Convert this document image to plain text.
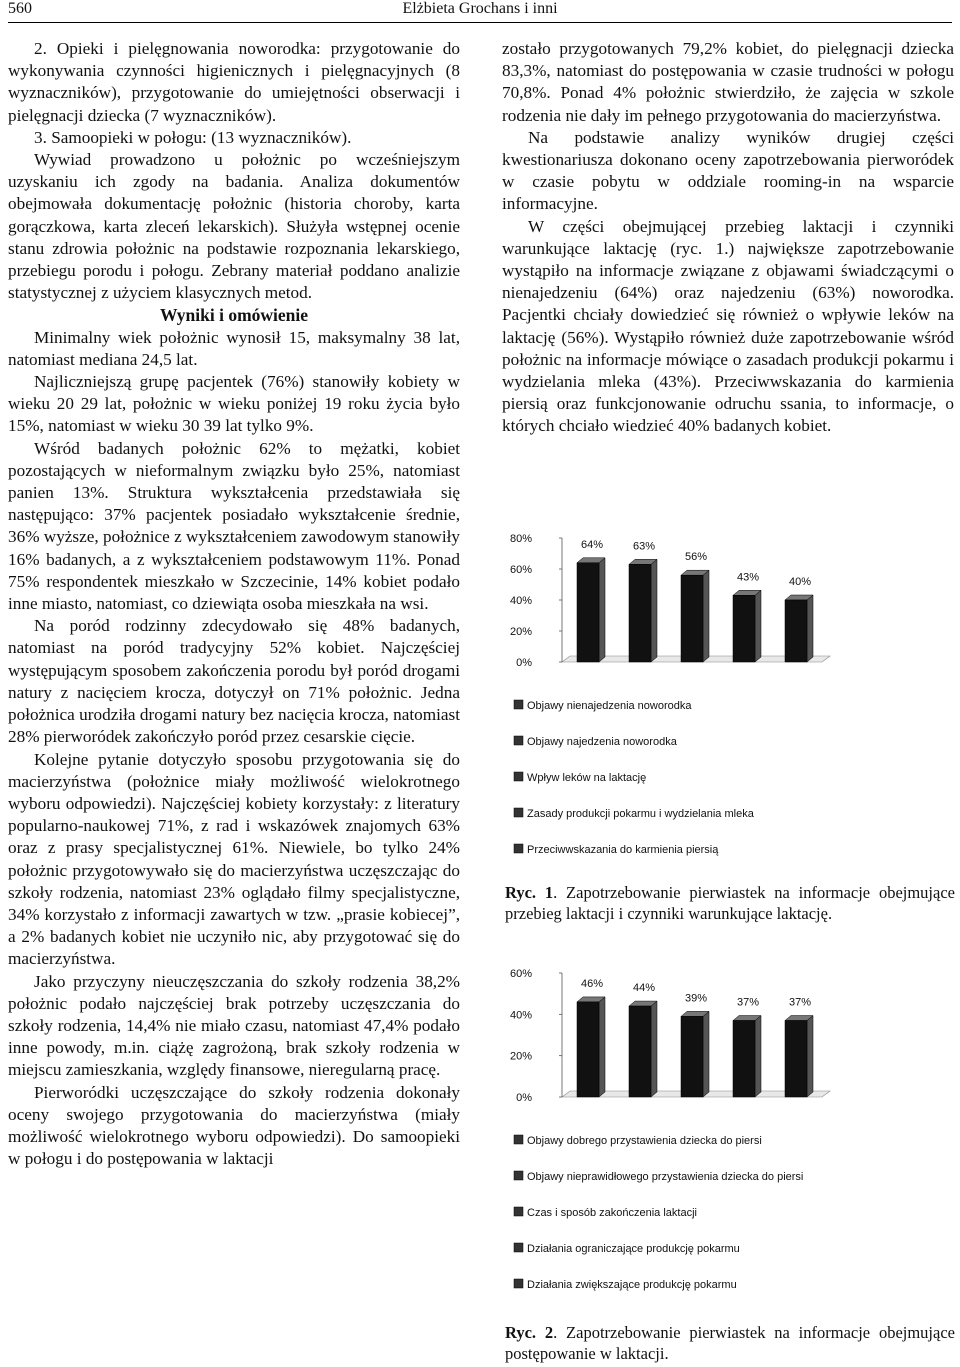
560	Elżbieta Grochans i inni

2. Opieki i pielęgnowania noworodka: przygotowanie do wykonywania czynności higienicznych i pielęgnacyjnych (8 wyznaczników), przygotowanie do umiejętności obserwacji i pielęgnacji dziecka (7 wyznaczników).

3. Samoopieki w połogu: (13 wyznaczników).

Wywiad prowadzono u położnic po wcześniejszym uzyskaniu ich zgody na badania. Analiza dokumentów obejmowała dokumentację położnic (historia choroby, karta gorączkowa, karta zleceń lekarskich). Służyła wstępnej ocenie stanu zdrowia położnic na podstawie rozpoznania lekarskiego, przebiegu porodu i połogu. Zebrany materiał poddano analizie statystycznej z użyciem klasycznych metod.

Wyniki i omówienie

Minimalny wiek położnic wynosił 15, maksymalny 38 lat, natomiast mediana 24,5 lat.

Najliczniejszą grupę pacjentek (76%) stanowiły kobiety w wieku 20 29 lat, położnic w wieku poniżej 19 roku życia było 15%, natomiast w wieku 30 39 lat tylko 9%.

Wśród badanych położnic 62% to mężatki, kobiet pozostających w nieformalnym związku było 25%, natomiast panien 13%. Struktura wykształcenia przedstawiała się następująco: 37% pacjentek posiadało wykształcenie średnie, 36% wyższe, położnice z wykształceniem zawodowym stanowiły 16% badanych, a z wykształceniem podstawowym 11%. Ponad 75% respondentek mieszkało w Szczecinie, 14% kobiet podało inne miasto, natomiast, co dziewiąta osoba mieszkała na wsi.

Na poród rodzinny zdecydowało się 48% badanych, natomiast na poród tradycyjny 52% kobiet. Najczęściej występującym sposobem zakończenia porodu był poród drogami natury z nacięciem krocza, dotyczył on 71% położnic. Jedna położnica urodziła drogami natury bez nacięcia krocza, natomiast 28% pierworódek zakończyło poród przez cesarskie cięcie.

Kolejne pytanie dotyczyło sposobu przygotowania się do macierzyństwa (położnice miały możliwość wielokrotnego wyboru odpowiedzi). Najczęściej kobiety korzystały: z literatury popularno-naukowej 71%, z rad i wskazówek znajomych 63% oraz z prasy specjalistycznej 61%. Niewiele, bo tylko 24% położnic przygotowywało się do macierzyństwa uczęszczając do szkoły rodzenia, natomiast 23% oglądało filmy specjalistyczne, 34% korzystało z informacji zawartych w tzw. „prasie kobiecej”, a 2% badanych kobiet nie uczyniło nic, aby przygotować się do macierzyństwa.

Jako przyczyny nieuczęszczania do szkoły rodzenia 38,2% położnic podało najczęściej brak potrzeby uczęszczania do szkoły rodzenia, 14,4% nie miało czasu, natomiast 47,4% podało inne powody, m.in. ciążę zagrożoną, brak szkoły rodzenia w miejscu zamieszkania, względy finansowe, nieregularną pracę.

Pierworódki uczęszczające do szkoły rodzenia dokonały oceny swojego przygotowania do macierzyństwa (miały możliwość wielokrotnego wyboru odpowiedzi). Do samoopieki w połogu i do postępowania w laktacji

zostało przygotowanych 79,2% kobiet, do pielęgnacji dziecka 83,3%, natomiast do postępowania w czasie trudności w połogu 70,8%. Ponad 4% położnic stwierdziło, że zajęcia w szkole rodzenia nie dały im pełnego przygotowania do macierzyństwa.

Na podstawie analizy wyników drugiej części kwestionariusza dokonano oceny zapotrzebowania pierworódek w czasie pobytu w oddziale rooming-in na wsparcie informacyjne.

W części obejmującej przebieg laktacji i czynniki warunkujące laktację (ryc. 1.) największe zapotrzebowanie wystąpiło na informacje związane z objawami świadczącymi o nienajedzeniu (64%) oraz najedzeniu (63%) noworodka. Pacjentki chciały dowiedzieć się również o wpływie leków na laktację (56%). Wystąpiło również duże zapotrzebowanie wśród położnic na informacje mówiące o zasadach produkcji pokarmu i wydzielania mleka (43%). Przeciwwskazania do karmienia piersią oraz funkcjonowanie odruchu ssania, to informacje, o których chciało wiedzieć 40% badanych kobiet.

0%
20%
40%
60%
80%	64%	63%
56%
43%	40%
Objawy nienajedzenia noworodka
Objawy najedzenia noworodka
Wpływ leków na laktację
Zasady produkcji pokarmu i wydzielania mleka
Przeciwwskazania do karmienia piersią
Ryc. 1. Zapotrzebowanie pierwiastek na informacje obejmujące przebieg laktacji i czynniki warunkujące laktację.
0%
20%
40%
60%
46%	44%
39%	37%	37%
Objawy dobrego przystawienia dziecka do piersi
Objawy nieprawidłowego przystawienia dziecka do piersi
Czas i sposób zakończenia laktacji
Działania ograniczające produkcję pokarmu
Działania zwiększające produkcję pokarmu
Ryc. 2. Zapotrzebowanie pierwiastek na informacje obejmujące postępowanie w laktacji.
